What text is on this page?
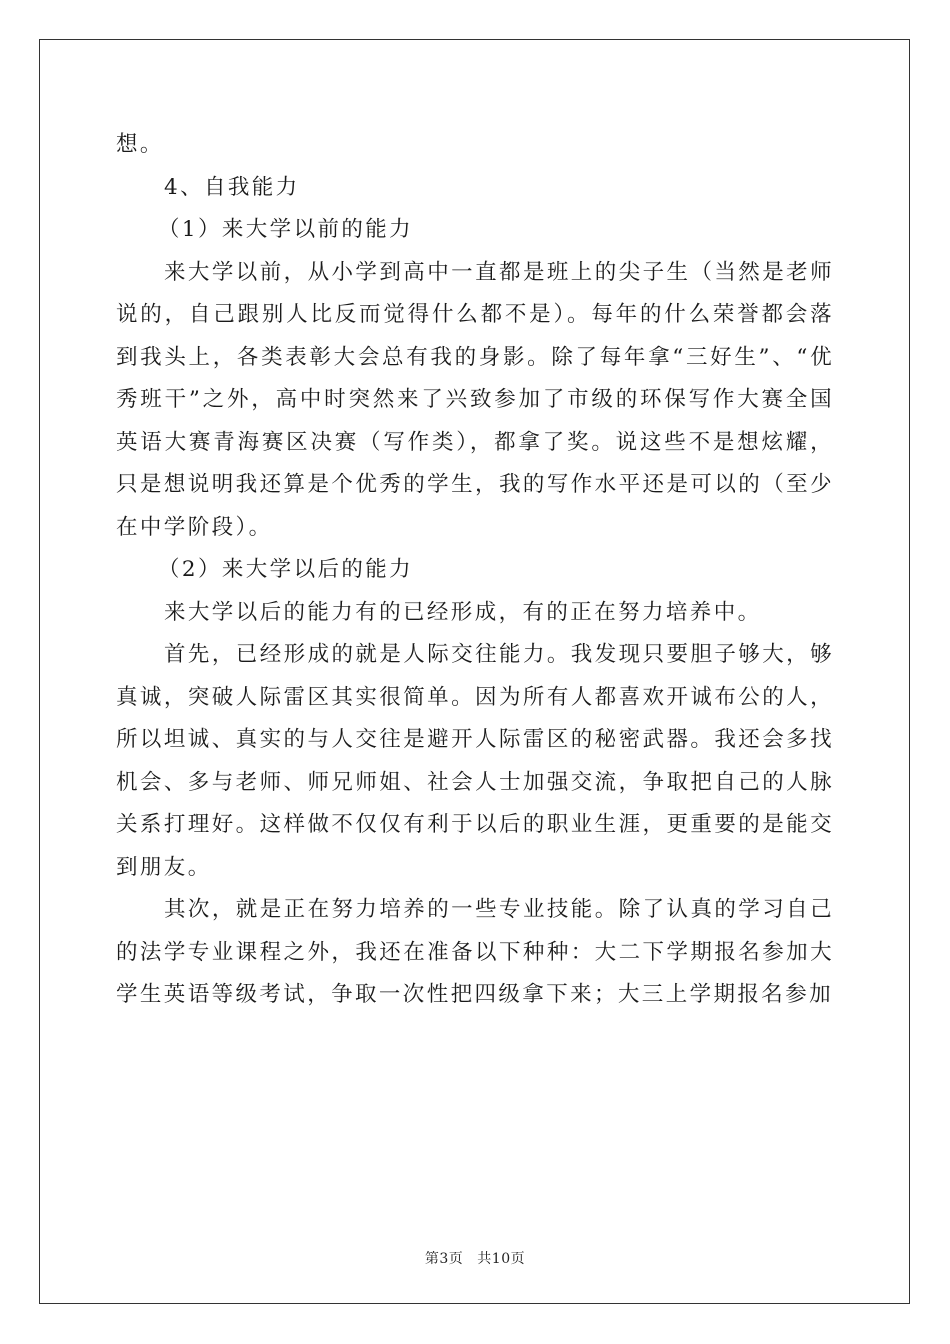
想。

4、自我能力

（1）来大学以前的能力

来大学以前，从小学到高中一直都是班上的尖子生（当然是老师说的，自己跟别人比反而觉得什么都不是）。每年的什么荣誉都会落到我头上，各类表彰大会总有我的身影。除了每年拿“三好生”、“优秀班干”之外，高中时突然来了兴致参加了市级的环保写作大赛全国英语大赛青海赛区决赛（写作类），都拿了奖。说这些不是想炫耀，只是想说明我还算是个优秀的学生，我的写作水平还是可以的（至少在中学阶段）。

（2）来大学以后的能力

来大学以后的能力有的已经形成，有的正在努力培养中。

首先，已经形成的就是人际交往能力。我发现只要胆子够大，够真诚，突破人际雷区其实很简单。因为所有人都喜欢开诚布公的人，所以坦诚、真实的与人交往是避开人际雷区的秘密武器。我还会多找机会、多与老师、师兄师姐、社会人士加强交流，争取把自己的人脉关系打理好。这样做不仅仅有利于以后的职业生涯，更重要的是能交到朋友。

其次，就是正在努力培养的一些专业技能。除了认真的学习自己的法学专业课程之外，我还在准备以下种种：大二下学期报名参加大学生英语等级考试，争取一次性把四级拿下来；大三上学期报名参加

第3页 共10页
